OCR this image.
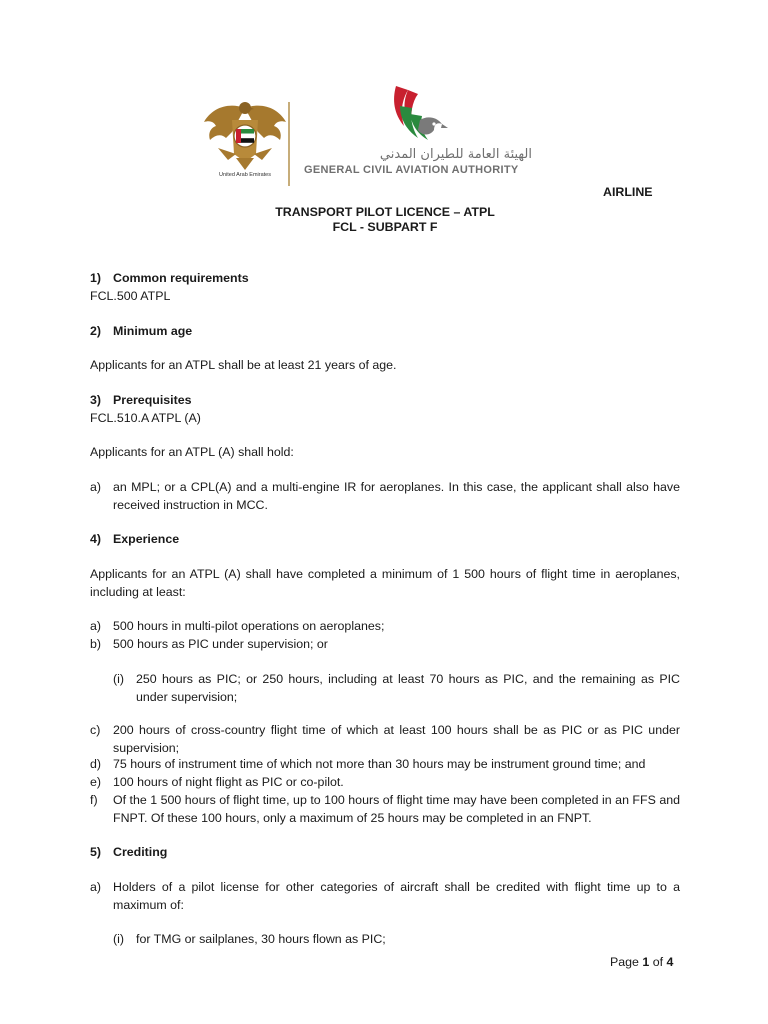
United Arab Emirates
الهيئة العامة للطيران المدني
GENERAL CIVIL AVIATION AUTHORITY
AIRLINE
TRANSPORT PILOT LICENCE – ATPL
FCL - SUBPART F
1) Common requirements
FCL.500 ATPL
2) Minimum age
Applicants for an ATPL shall be at least 21 years of age.
3) Prerequisites
FCL.510.A ATPL (A)
Applicants for an ATPL (A) shall hold:
a) an MPL; or a CPL(A) and a multi-engine IR for aeroplanes. In this case, the applicant shall also have received instruction in MCC.
4) Experience
Applicants for an ATPL (A) shall have completed a minimum of 1 500 hours of flight time in aeroplanes, including at least:
a) 500 hours in multi-pilot operations on aeroplanes;
b) 500 hours as PIC under supervision; or
(i) 250 hours as PIC; or 250 hours, including at least 70 hours as PIC, and the remaining as PIC under supervision;
c) 200 hours of cross-country flight time of which at least 100 hours shall be as PIC or as PIC under supervision;
d) 75 hours of instrument time of which not more than 30 hours may be instrument ground time; and
e) 100 hours of night flight as PIC or co-pilot.
f) Of the 1 500 hours of flight time, up to 100 hours of flight time may have been completed in an FFS and FNPT. Of these 100 hours, only a maximum of 25 hours may be completed in an FNPT.
5) Crediting
a) Holders of a pilot license for other categories of aircraft shall be credited with flight time up to a maximum of:
(i) for TMG or sailplanes, 30 hours flown as PIC;
Page 1 of 4
